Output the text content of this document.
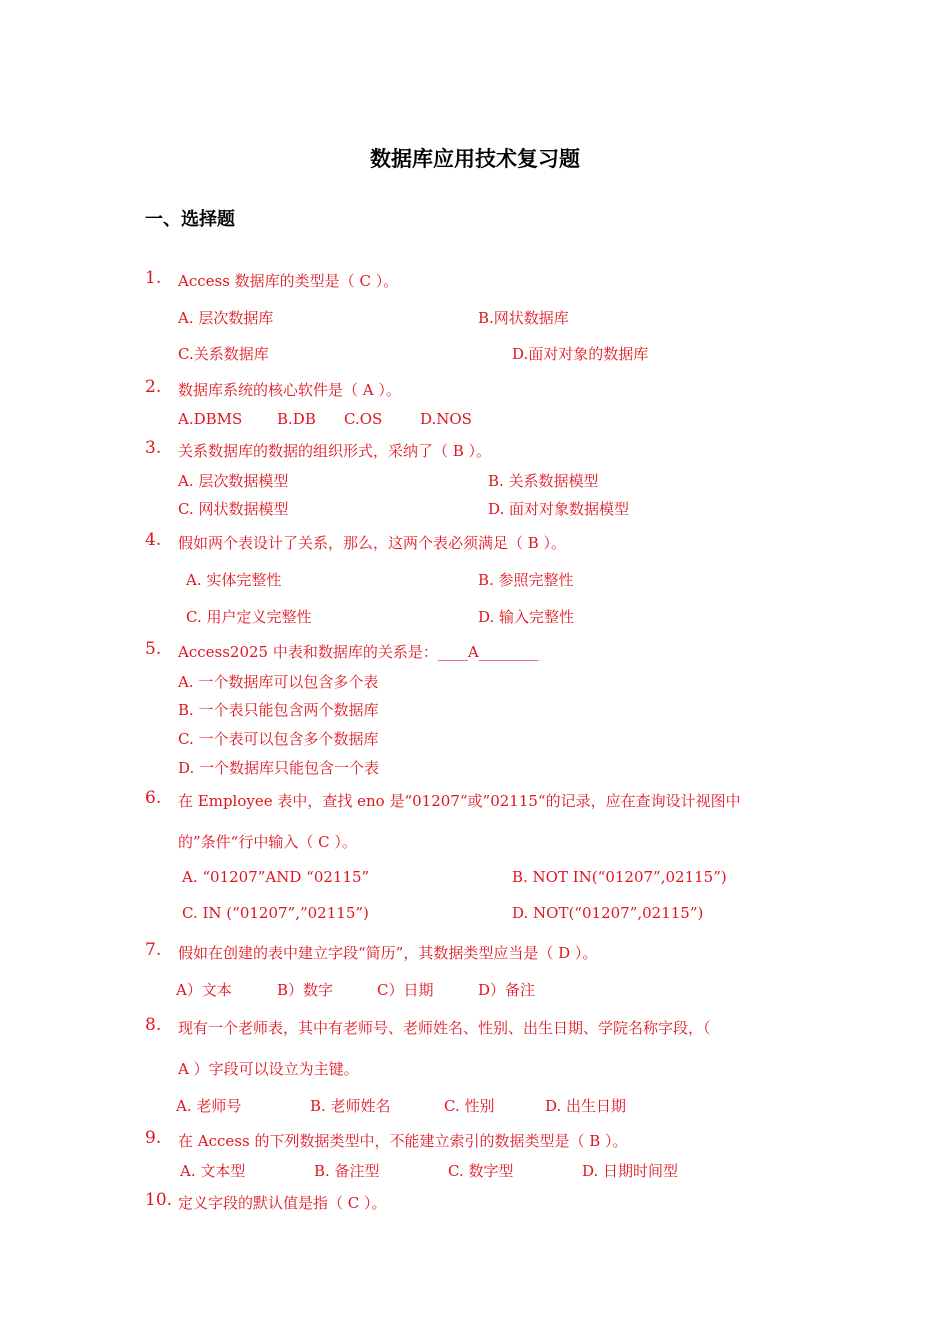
数据库应用技术复习题
一、选择题
1. Access 数据库的类型是（ C ）。
A. 层次数据库	B.网状数据库
C.关系数据库	D.面对对象的数据库
2. 数据库系统的核心软件是（ A ）。
A.DBMS B.DB C.OS	D.NOS
3. 关系数据库的数据的组织形式，采纳了（ B ）。
A. 层次数据模型	B. 关系数据模型
C. 网状数据模型	D. 面对对象数据模型
4. 假如两个表设计了关系，那么，这两个表必须满足（ B ）。
A. 实体完整性	B. 参照完整性
C. 用户定义完整性	D. 输入完整性
5. Access2025 中表和数据库的关系是：____A________
A. 一个数据库可以包含多个表
B. 一个表只能包含两个数据库
C. 一个表可以包含多个数据库
D. 一个数据库只能包含一个表
6. 在 Employee 表中，查找 eno 是“01207“或”02115“的记录，应在查询设计视图中
的”条件“行中输入（ C ）。
A. “01207”AND “02115”	B. NOT IN(“01207”,02115”)
C. IN (“01207”,”02115”)	D. NOT(“01207”,02115”)
7. 假如在创建的表中建立字段“简历”，其数据类型应当是（ D ）。
A）文本	B）数字	C）日期	D）备注
8. 现有一个老师表，其中有老师号、老师姓名、性别、出生日期、学院名称字段，（
A ）字段可以设立为主键。
A. 老师号	B. 老师姓名	C. 性别	D. 出生日期
9. 在 Access 的下列数据类型中，不能建立索引的数据类型是（ B ）。
A. 文本型	B. 备注型	C. 数字型	D. 日期时间型
10. 定义字段的默认值是指（ C ）。
